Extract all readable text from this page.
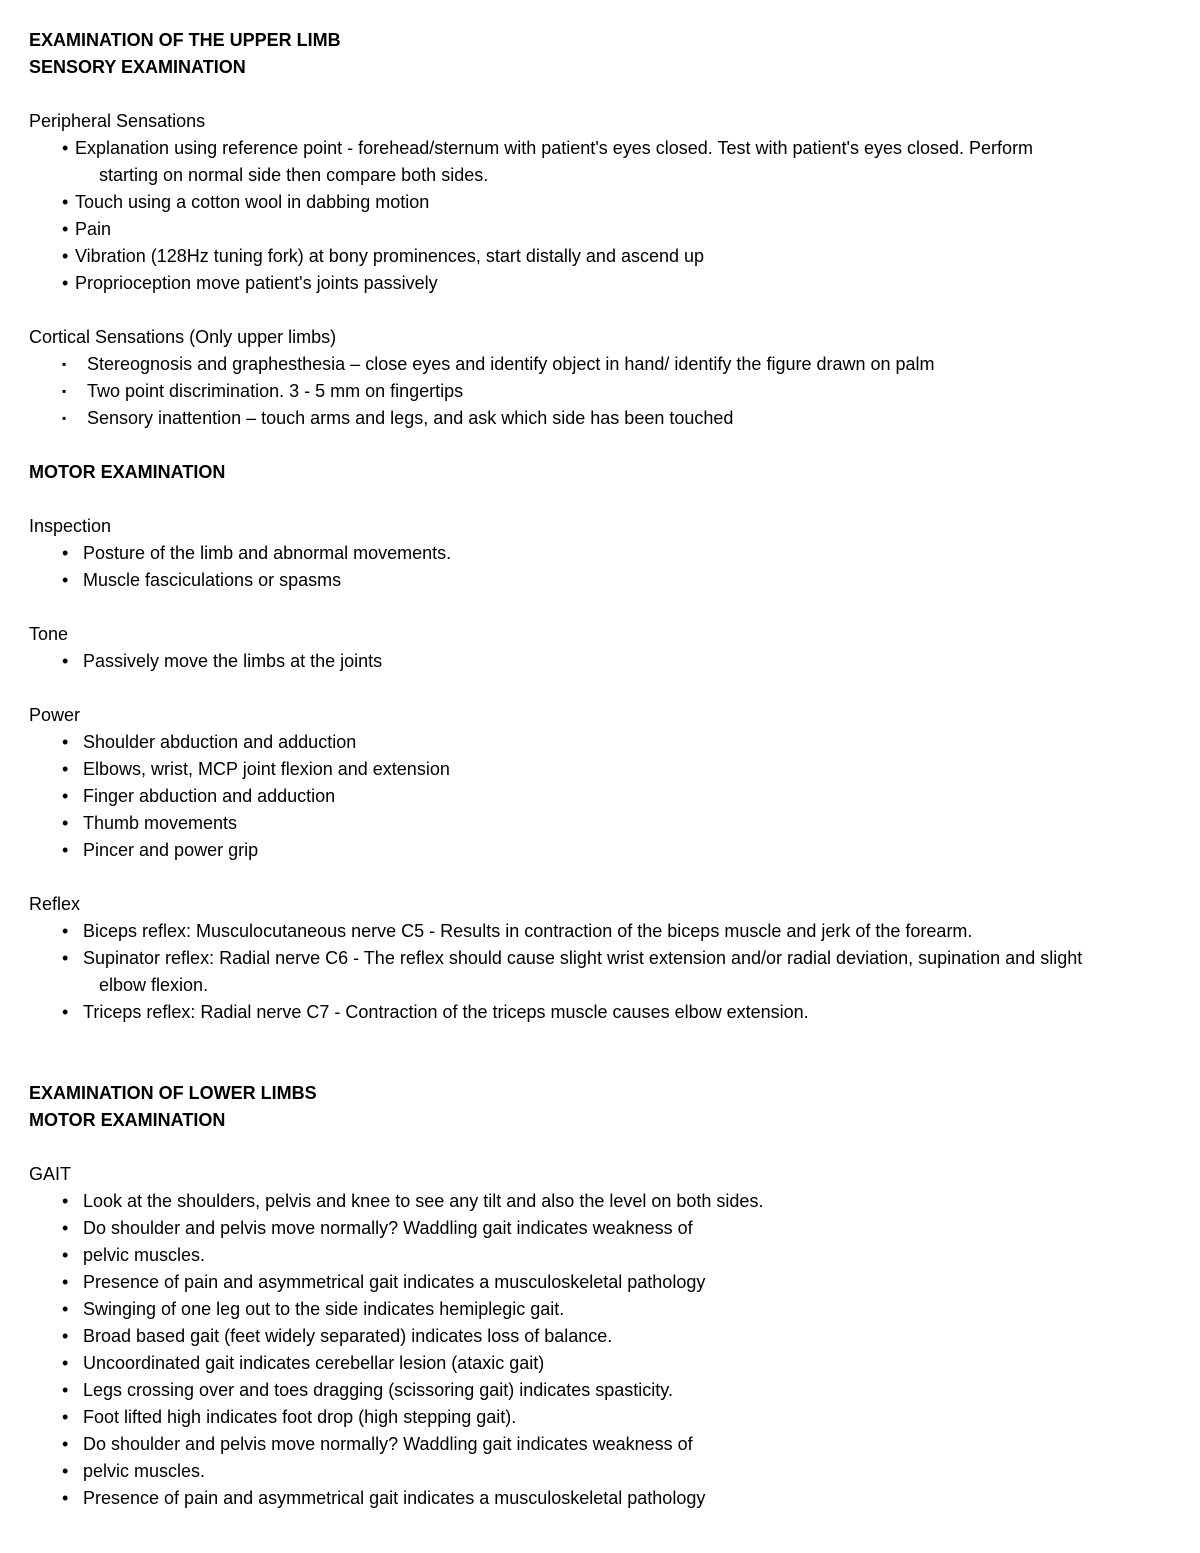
EXAMINATION OF THE UPPER LIMB
SENSORY EXAMINATION
Peripheral Sensations
• Explanation using reference point - forehead/sternum with patient's eyes closed. Test with patient's eyes closed. Perform
starting on normal side then compare both sides.
• Touch using a cotton wool in dabbing motion
• Pain
• Vibration (128Hz tuning fork) at bony prominences, start distally and ascend up
• Proprioception move patient's joints passively
Cortical Sensations (Only upper limbs)
▪ Stereognosis and graphesthesia – close eyes and identify object in hand/ identify the figure drawn on palm
▪ Two point discrimination. 3 - 5 mm on fingertips
▪ Sensory inattention – touch arms and legs, and ask which side has been touched
MOTOR EXAMINATION
Inspection
• Posture of the limb and abnormal movements.
• Muscle fasciculations or spasms
Tone
• Passively move the limbs at the joints
Power
• Shoulder abduction and adduction
• Elbows, wrist, MCP joint flexion and extension
• Finger abduction and adduction
• Thumb movements
• Pincer and power grip
Reflex
• Biceps reflex: Musculocutaneous nerve C5 - Results in contraction of the biceps muscle and jerk of the forearm.
• Supinator reflex: Radial nerve C6 - The reflex should cause slight wrist extension and/or radial deviation, supination and slight
elbow flexion.
• Triceps reflex: Radial nerve C7 - Contraction of the triceps muscle causes elbow extension.
EXAMINATION OF LOWER LIMBS
MOTOR EXAMINATION
GAIT
• Look at the shoulders, pelvis and knee to see any tilt and also the level on both sides.
• Do shoulder and pelvis move normally? Waddling gait indicates weakness of
• pelvic muscles.
• Presence of pain and asymmetrical gait indicates a musculoskeletal pathology
• Swinging of one leg out to the side indicates hemiplegic gait.
• Broad based gait (feet widely separated) indicates loss of balance.
• Uncoordinated gait indicates cerebellar lesion (ataxic gait)
• Legs crossing over and toes dragging (scissoring gait) indicates spasticity.
• Foot lifted high indicates foot drop (high stepping gait).
• Do shoulder and pelvis move normally? Waddling gait indicates weakness of
• pelvic muscles.
• Presence of pain and asymmetrical gait indicates a musculoskeletal pathology
